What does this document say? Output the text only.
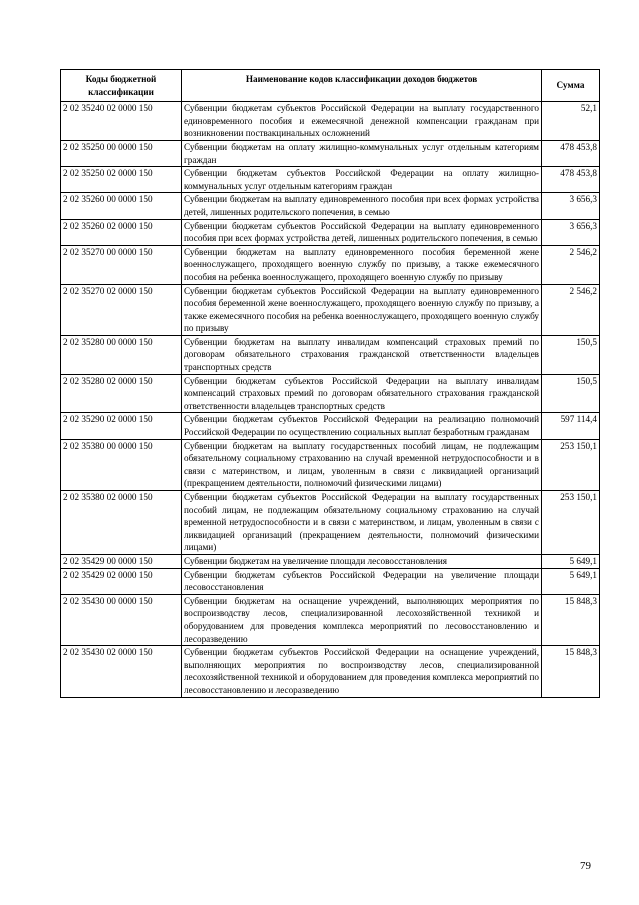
Коды бюджетной классификации	Наименование кодов классификации доходов бюджетов	Сумма
2 02 35240 02 0000 150	Субвенции бюджетам субъектов Российской Федерации на выплату государственного единовременного пособия и ежемесячной денежной компенсации гражданам при возникновении поствакцинальных осложнений	52,1
2 02 35250 00 0000 150	Субвенции бюджетам на оплату жилищно-коммунальных услуг отдельным категориям граждан	478 453,8
2 02 35250 02 0000 150	Субвенции бюджетам субъектов Российской Федерации на оплату жилищно-коммунальных услуг отдельным категориям граждан	478 453,8
2 02 35260 00 0000 150	Субвенции бюджетам на выплату единовременного пособия при всех формах устройства детей, лишенных родительского попечения, в семью	3 656,3
2 02 35260 02 0000 150	Субвенции бюджетам субъектов Российской Федерации на выплату единовременного пособия при всех формах устройства детей, лишенных родительского попечения, в семью	3 656,3
2 02 35270 00 0000 150	Субвенции бюджетам на выплату единовременного пособия беременной жене военнослужащего, проходящего военную службу по призыву, а также ежемесячного пособия на ребенка военнослужащего, проходящего военную службу по призыву	2 546,2
2 02 35270 02 0000 150	Субвенции бюджетам субъектов Российской Федерации на выплату единовременного пособия беременной жене военнослужащего, проходящего военную службу по призыву, а также ежемесячного пособия на ребенка военнослужащего, проходящего военную службу по призыву	2 546,2
2 02 35280 00 0000 150	Субвенции бюджетам на выплату инвалидам компенсаций страховых премий по договорам обязательного страхования гражданской ответственности владельцев транспортных средств	150,5
2 02 35280 02 0000 150	Субвенции бюджетам субъектов Российской Федерации на выплату инвалидам компенсаций страховых премий по договорам обязательного страхования гражданской ответственности владельцев транспортных средств	150,5
2 02 35290 02 0000 150	Субвенции бюджетам субъектов Российской Федерации на реализацию полномочий Российской Федерации по осуществлению социальных выплат безработным гражданам	597 114,4
2 02 35380 00 0000 150	Субвенции бюджетам на выплату государственных пособий лицам, не подлежащим обязательному социальному страхованию на случай временной нетрудоспособности и в связи с материнством, и лицам, уволенным в связи с ликвидацией организаций (прекращением деятельности, полномочий физическими лицами)	253 150,1
2 02 35380 02 0000 150	Субвенции бюджетам субъектов Российской Федерации на выплату государственных пособий лицам, не подлежащим обязательному социальному страхованию на случай временной нетрудоспособности и в связи с материнством, и лицам, уволенным в связи с ликвидацией организаций (прекращением деятельности, полномочий физическими лицами)	253 150,1
2 02 35429 00 0000 150	Субвенции бюджетам на увеличение площади лесовосстановления	5 649,1
2 02 35429 02 0000 150	Субвенции бюджетам субъектов Российской Федерации на увеличение площади лесовосстановления	5 649,1
2 02 35430 00 0000 150	Субвенции бюджетам на оснащение учреждений, выполняющих мероприятия по воспроизводству лесов, специализированной лесохозяйственной техникой и оборудованием для проведения комплекса мероприятий по лесовосстановлению и лесоразведению	15 848,3
2 02 35430 02 0000 150	Субвенции бюджетам субъектов Российской Федерации на оснащение учреждений, выполняющих мероприятия по воспроизводству лесов, специализированной лесохозяйственной техникой и оборудованием для проведения комплекса мероприятий по лесовосстановлению и лесоразведению	15 848,3
79
